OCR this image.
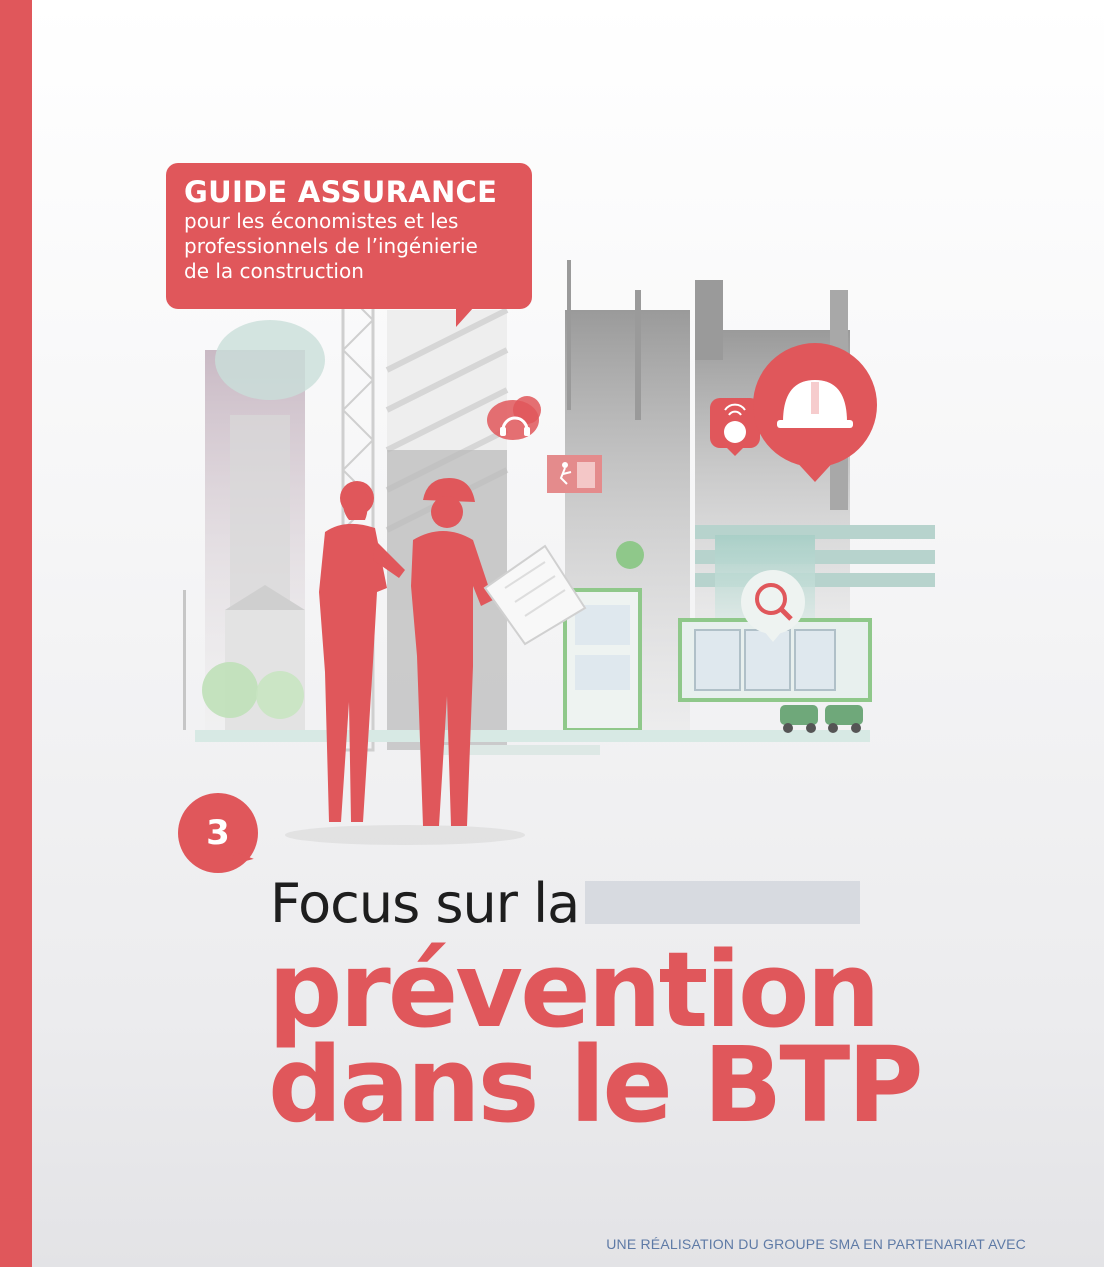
GUIDE ASSURANCE
pour les économistes et les
professionnels de l’ingénierie
de la construction
3
Focus sur la
prévention
dans le BTP
UNE RÉALISATION DU GROUPE SMA EN PARTENARIAT AVEC
